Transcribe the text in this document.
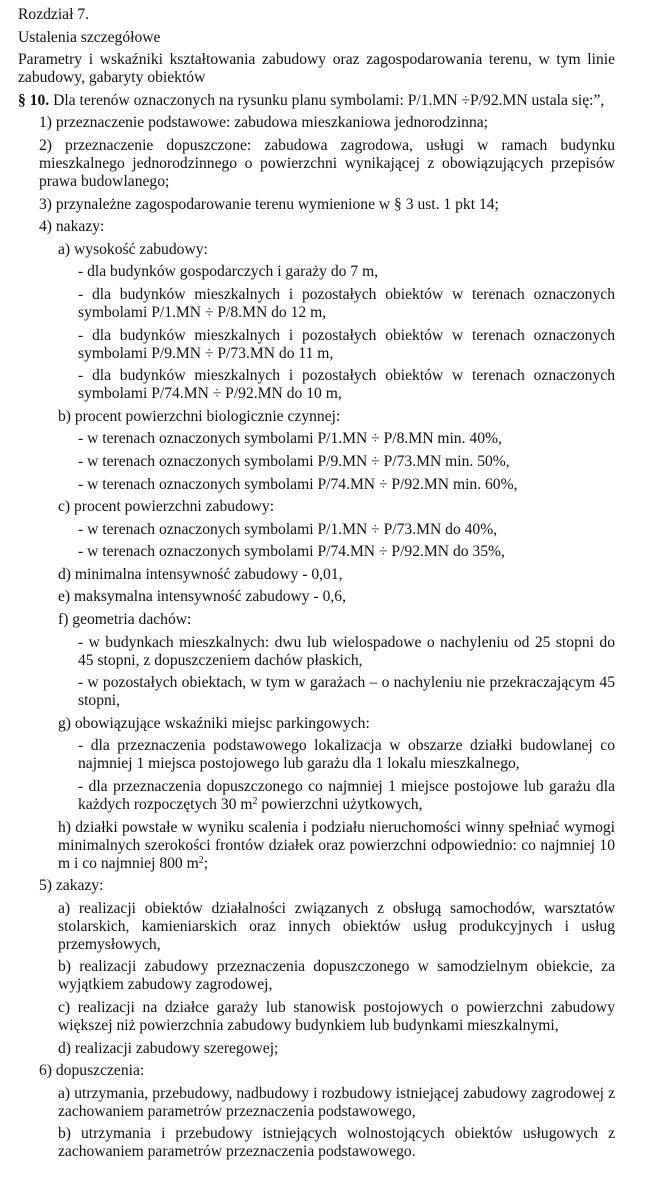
Rozdział 7.

Ustalenia szczegółowe

Parametry i wskaźniki kształtowania zabudowy oraz zagospodarowania terenu, w tym linie zabudowy, gabaryty obiektów

§ 10. Dla terenów oznaczonych na rysunku planu symbolami: P/1.MN ÷P/92.MN ustala się:”,

1) przeznaczenie podstawowe: zabudowa mieszkaniowa jednorodzinna;

2) przeznaczenie dopuszczone: zabudowa zagrodowa, usługi w ramach budynku mieszkalnego jednorodzinnego o powierzchni wynikającej z obowiązujących przepisów prawa budowlanego;

3) przynależne zagospodarowanie terenu wymienione w § 3 ust. 1 pkt 14;

4) nakazy:

a) wysokość zabudowy:

- dla budynków gospodarczych i garaży do 7 m,

- dla budynków mieszkalnych i pozostałych obiektów w terenach oznaczonych symbolami P/1.MN ÷ P/8.MN do 12 m,

- dla budynków mieszkalnych i pozostałych obiektów w terenach oznaczonych symbolami P/9.MN ÷ P/73.MN do 11 m,

- dla budynków mieszkalnych i pozostałych obiektów w terenach oznaczonych symbolami P/74.MN ÷ P/92.MN do 10 m,

b) procent powierzchni biologicznie czynnej:

- w terenach oznaczonych symbolami P/1.MN ÷ P/8.MN min. 40%,

- w terenach oznaczonych symbolami P/9.MN ÷ P/73.MN min. 50%,

- w terenach oznaczonych symbolami P/74.MN ÷ P/92.MN min. 60%,

c) procent powierzchni zabudowy:

- w terenach oznaczonych symbolami P/1.MN ÷ P/73.MN do 40%,

- w terenach oznaczonych symbolami P/74.MN ÷ P/92.MN do 35%,

d) minimalna intensywność zabudowy - 0,01,

e) maksymalna intensywność zabudowy - 0,6,

f) geometria dachów:

- w budynkach mieszkalnych: dwu lub wielospadowe o nachyleniu od 25 stopni do 45 stopni, z dopuszczeniem dachów płaskich,

- w pozostałych obiektach, w tym w garażach – o nachyleniu nie przekraczającym 45 stopni,

g) obowiązujące wskaźniki miejsc parkingowych:

- dla przeznaczenia podstawowego lokalizacja w obszarze działki budowlanej co najmniej 1 miejsca postojowego lub garażu dla 1 lokalu mieszkalnego,

- dla przeznaczenia dopuszczonego co najmniej 1 miejsce postojowe lub garażu dla każdych rozpoczętych 30 $m^2$ powierzchni użytkowych,

h) działki powstałe w wyniku scalenia i podziału nieruchomości winny spełniać wymogi minimalnych szerokości frontów działek oraz powierzchni odpowiednio: co najmniej 10 m i co najmniej 800 $m^2$;

5) zakazy:

a) realizacji obiektów działalności związanych z obsługą samochodów, warsztatów stolarskich, kamieniarskich oraz innych obiektów usług produkcyjnych i usług przemysłowych,

b) realizacji zabudowy przeznaczenia dopuszczonego w samodzielnym obiekcie, za wyjątkiem zabudowy zagrodowej,

c) realizacji na działce garaży lub stanowisk postojowych o powierzchni zabudowy większej niż powierzchnia zabudowy budynkiem lub budynkami mieszkalnymi,

d) realizacji zabudowy szeregowej;

6) dopuszczenia:

a) utrzymania, przebudowy, nadbudowy i rozbudowy istniejącej zabudowy zagrodowej z zachowaniem parametrów przeznaczenia podstawowego,

b) utrzymania i przebudowy istniejących wolnostojących obiektów usługowych z zachowaniem parametrów przeznaczenia podstawowego.
